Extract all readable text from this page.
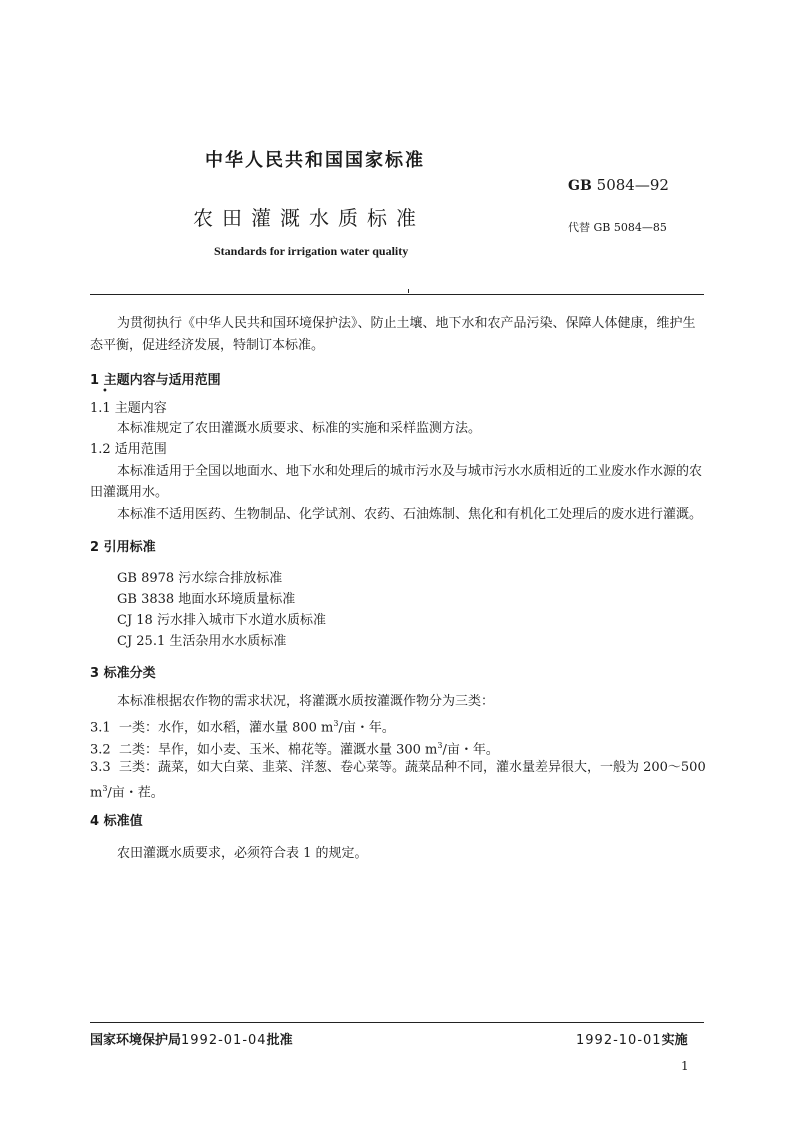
中华人民共和国国家标准
GB 5084—92
农田灌溉水质标准	代替 GB 5084—85
Standards for irrigation water quality
为贯彻执行《中华人民共和国环境保护法》、防止土壤、地下水和农产品污染、保障人体健康，维护生态平衡，促进经济发展，特制订本标准。
1 主题内容与适用范围
•
1.1 主题内容
本标准规定了农田灌溉水质要求、标准的实施和采样监测方法。
1.2 适用范围
本标准适用于全国以地面水、地下水和处理后的城市污水及与城市污水水质相近的工业废水作水源的农田灌溉用水。
本标准不适用医药、生物制品、化学试剂、农药、石油炼制、焦化和有机化工处理后的废水进行灌溉。
2 引用标准
GB 8978 污水综合排放标准
GB 3838 地面水环境质量标准
CJ 18 污水排入城市下水道水质标准
CJ 25.1 生活杂用水水质标准
3 标准分类
本标准根据农作物的需求状况，将灌溉水质按灌溉作物分为三类：
3.1 一类：水作，如水稻，灌水量 800 $m^3/$亩・年。
3.2 二类：旱作，如小麦、玉米、棉花等。灌溉水量 300 $m^3/$亩・年。
3.3 三类：蔬菜，如大白菜、韭菜、洋葱、卷心菜等。蔬菜品种不同，灌水量差异很大，一般为 200～500
$m^3/$亩・茬。
4 标准值
农田灌溉水质要求，必须符合表 1 的规定。
国家环境保护局1992-01-04批准	1992-10-01实施
1
